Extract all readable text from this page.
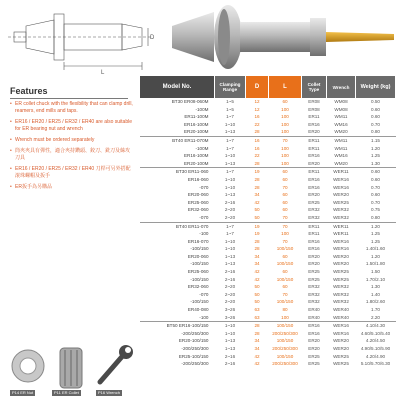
L
D
Features
• ER collet chuck with the flexibility that can clamp drill, reamers, end mills and taps.
• ER16 / ER20 / ER25 / ER32 / ER40 are also suitable for ER bearing nut and wrench
• Wrench must be ordered separately
• 筒夾夾具有彈性，適合夾持鑽頭、鉸刀、銑刀及絲攻刀具
• ER16 / ER20 / ER25 / ER32 / ER40 刀桿可另外搭配滾珠螺帽及扳手
• ER扳手為另購品
P14 ER Nut	P11 ER Collet	P16 Wrench
Model No.	Clamping Range	D	L	Collet Type	Wrench	Weight (kg)
BT30 ER08-060M	1~5	12	60	ER08	WM08	0.50
-100M	1~5	12	100	ER08	WM08	0.60
ER11-100M	1~7	16	100	ER11	WM11	0.60
ER16-100M	1~10	22	100	ER16	WM16	0.70
ER20-100M	1~13	28	100	ER20	WM20	0.80
BT40 ER11-070M	1~7	16	70	ER11	WM11	1.15
-100M	1~7	16	100	ER11	WM11	1.20
ER16-100M	1~10	22	100	ER16	WM16	1.25
ER20-100M	1~13	28	100	ER20	WM20	1.30
BT30 ER11-060	1~7	19	60	ER11	WER11	0.60
ER16-060	1~10	28	60	ER16	WER16	0.60
-070	1~10	28	70	ER16	WER16	0.70
ER20-060	1~13	34	60	ER20	WER20	0.60
ER25-060	2~16	42	60	ER25	WER25	0.70
ER32-060	2~20	50	60	ER32	WER32	0.75
-070	2~20	50	70	ER32	WER32	0.80
BT40 ER11-070	1~7	19	70	ER11	WER11	1.20
-100	1~7	19	100	ER11	WER11	1.25
ER16-070	1~10	28	70	ER16	WER16	1.25
-100/150	1~10	28	100/150	ER16	WER16	1.40/1.60
ER20-060	1~13	34	60	ER20	WER20	1.20
-100/150	1~13	34	100/150	ER20	WER20	1.50/1.80
ER25-060	2~16	42	60	ER25	WER25	1.50
-100/150	2~16	42	100/150	ER25	WER25	1.70/2.10
ER32-060	2~20	50	60	ER32	WER32	1.30
-070	2~20	50	70	ER32	WER32	1.40
-100/150	2~20	50	100/150	ER32	WER32	1.80/2.60
ER40-080	3~26	63	80	ER40	WER40	1.70
-100	3~26	63	100	ER40	WER40	2.20
BT50 ER16-100/150	1~10	28	100/150	ER16	WER16	4.10/4.30
-200/250/300	1~10	28	200/250/300	ER16	WER16	4.60/5.10/5.40
ER20-100/150	1~13	34	100/150	ER20	WER20	4.20/4.50
-200/250/300	1~13	34	200/250/300	ER20	WER20	4.90/5.10/5.90
ER25-100/150	2~16	42	100/150	ER25	WER25	4.20/4.90
-200/250/300	2~16	42	200/250/300	ER25	WER25	5.10/5.70/6.30
